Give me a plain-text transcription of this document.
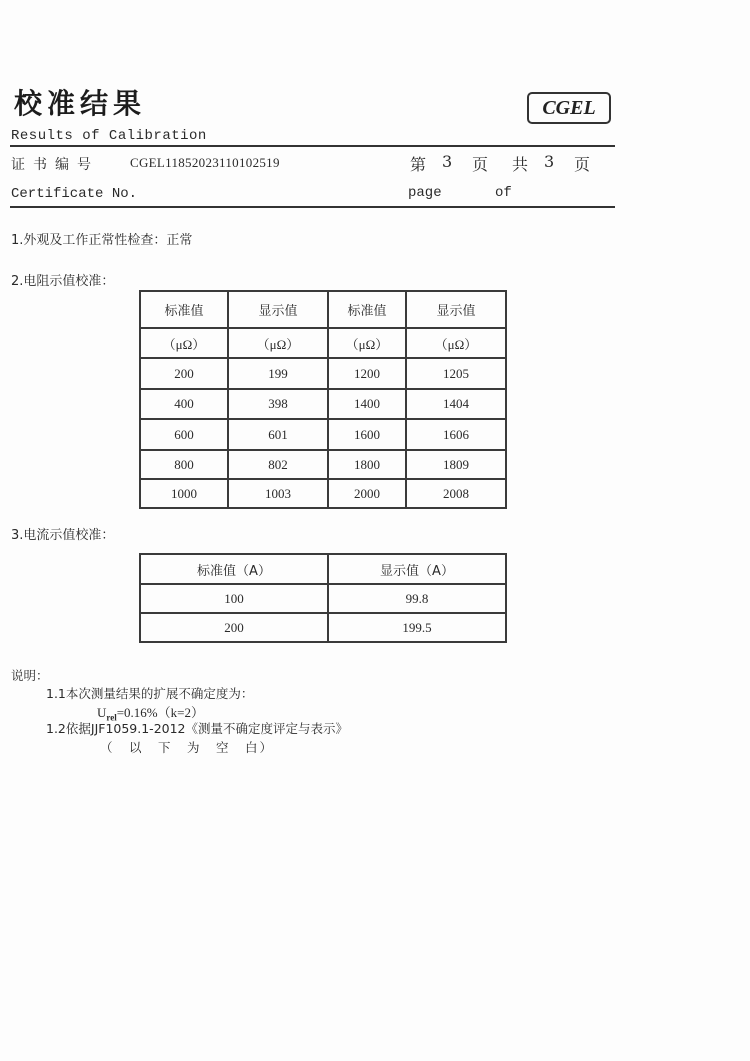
校准结果
Results of Calibration
CGEL
证书编号 CGEL11852023110102519	第 3 页 共 3 页
Certificate No.	page	of
1.外观及工作正常性检查：正常
2.电阻示值校准：
标准值	显示值	标准值	显示值
（μΩ）	（μΩ）	（μΩ）	（μΩ）
200	199	1200	1205
400	398	1400	1404
600	601	1600	1606
800	802	1800	1809
1000	1003	2000	2008
3.电流示值校准：
标准值（A）	显示值（A）
100	99.8
200	199.5
说明：
1.1本次测量结果的扩展不确定度为：
$U_{rel}=0.16\%(k=2)$
1.2依据JJF1059.1-2012《测量不确定度评定与表示》
（　以　下　为　空　白）
